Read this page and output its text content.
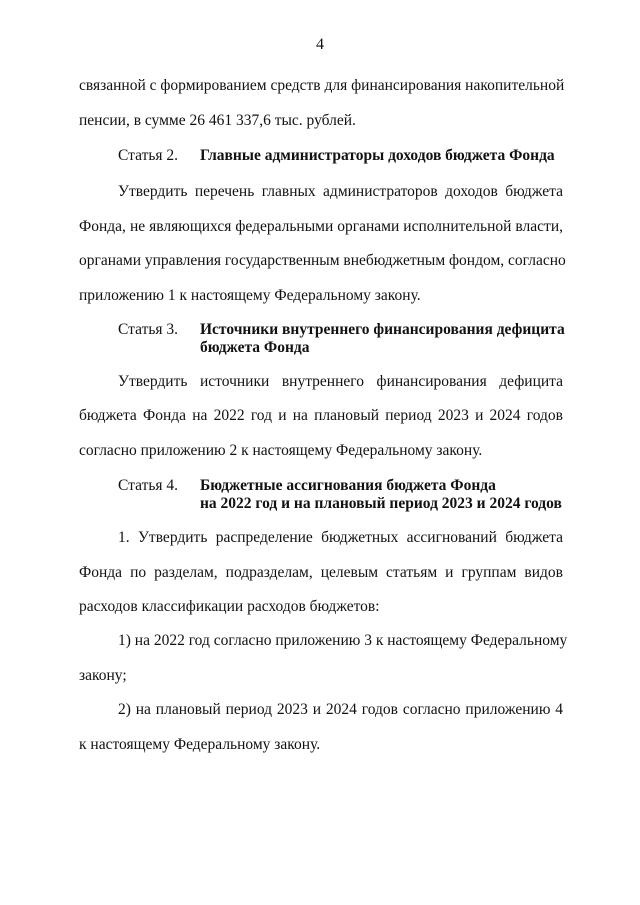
4
связанной с формированием средств для финансирования накопительной
пенсии, в сумме 26 461 337,6 тыс. рублей.
Статья 2. Главные администраторы доходов бюджета Фонда
Утвердить перечень главных администраторов доходов бюджета
Фонда, не являющихся федеральными органами исполнительной власти,
органами управления государственным внебюджетным фондом, согласно
приложению 1 к настоящему Федеральному закону.
Статья 3. Источники внутреннего финансирования дефицита
бюджета Фонда
Утвердить источники внутреннего финансирования дефицита
бюджета Фонда на 2022 год и на плановый период 2023 и 2024 годов
согласно приложению 2 к настоящему Федеральному закону.
Статья 4. Бюджетные ассигнования бюджета Фонда
на 2022 год и на плановый период 2023 и 2024 годов
1. Утвердить распределение бюджетных ассигнований бюджета
Фонда по разделам, подразделам, целевым статьям и группам видов
расходов классификации расходов бюджетов:
1) на 2022 год согласно приложению 3 к настоящему Федеральному
закону;
2) на плановый период 2023 и 2024 годов согласно приложению 4
к настоящему Федеральному закону.
